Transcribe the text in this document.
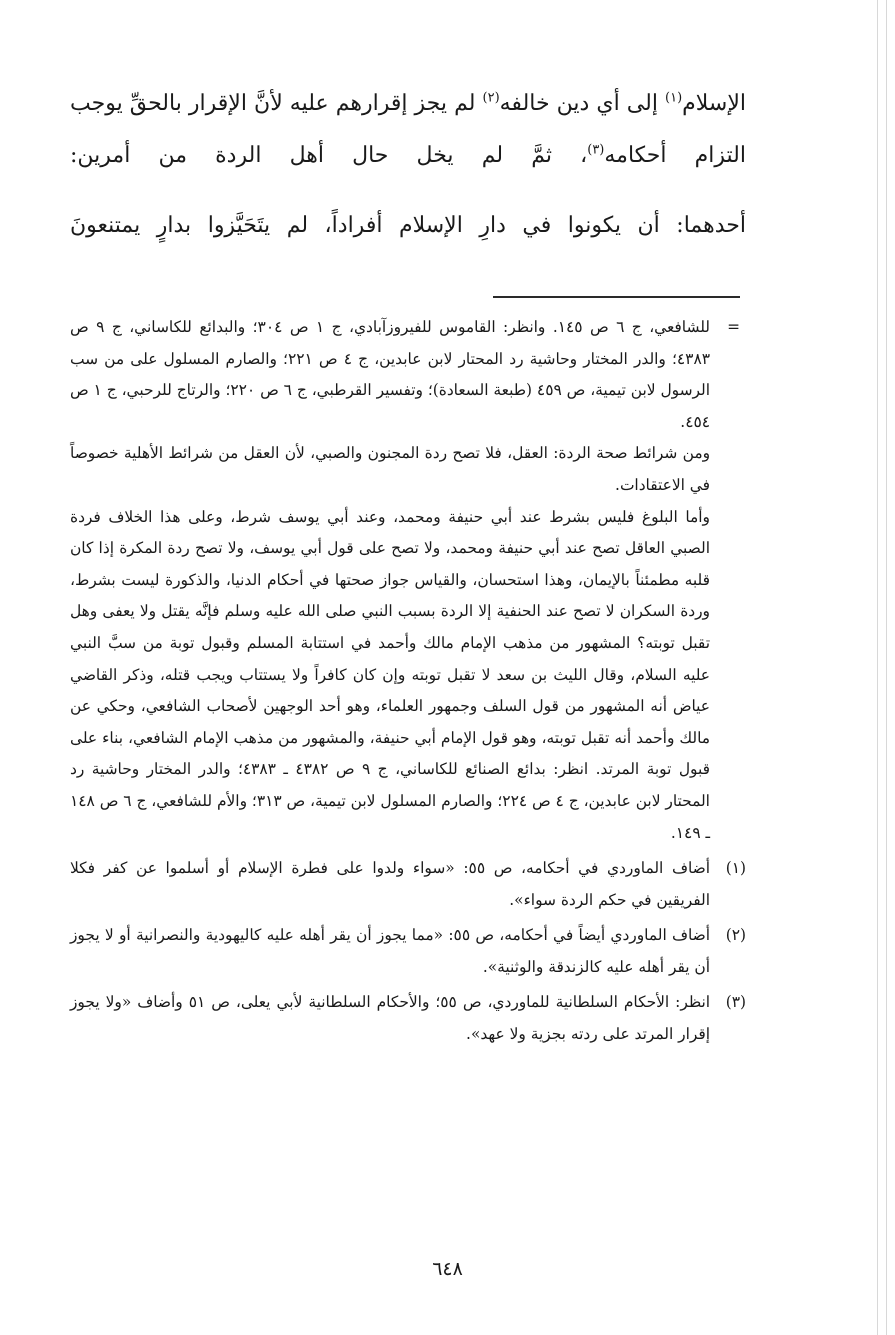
الإسلام$^{(١)}$ إلى أي دين خالفه$^{(٢)}$ لم يجز إقرارهم عليه لأنَّ الإقرار بالحقِّ يوجب التزام أحكامه$^{(٣)}$، ثمَّ لم يخل حال أهل الردة من أمرين:

أحدهما: أن يكونوا في دارِ الإسلام أفراداً، لم يتَحَيَّزوا بدارٍ يمتنعونَ

=
للشافعي، ج ٦ ص ١٤٥. وانظر: القاموس للفيروزآبادي، ج ١ ص ٣٠٤؛ والبدائع للكاساني، ج ٩ ص ٤٣٨٣؛ والدر المختار وحاشية رد المحتار لابن عابدين، ج ٤ ص ٢٢١؛ والصارم المسلول على من سب الرسول لابن تيمية، ص ٤٥٩ (طبعة السعادة)؛ وتفسير القرطبي، ج ٦ ص ٢٢٠؛ والرتاج للرحبي، ج ١ ص ٤٥٤.
ومن شرائط صحة الردة: العقل، فلا تصح ردة المجنون والصبي، لأن العقل من شرائط الأهلية خصوصاً في الاعتقادات.
وأما البلوغ فليس بشرط عند أبي حنيفة ومحمد، وعند أبي يوسف شرط، وعلى هذا الخلاف فردة الصبي العاقل تصح عند أبي حنيفة ومحمد، ولا تصح على قول أبي يوسف، ولا تصح ردة المكرة إذا كان قلبه مطمئناً بالإيمان، وهذا استحسان، والقياس جواز صحتها في أحكام الدنيا، والذكورة ليست بشرط، وردة السكران لا تصح عند الحنفية إلا الردة بسبب النبي صلى الله عليه وسلم فإنَّه يقتل ولا يعفى وهل تقبل توبته؟ المشهور من مذهب الإمام مالك وأحمد في استتابة المسلم وقبول توبة من سبَّ النبي عليه السلام، وقال الليث بن سعد لا تقبل توبته وإن كان كافراً ولا يستتاب ويجب قتله، وذكر القاضي عياض أنه المشهور من قول السلف وجمهور العلماء، وهو أحد الوجهين لأصحاب الشافعي، وحكي عن مالك وأحمد أنه تقبل توبته، وهو قول الإمام أبي حنيفة، والمشهور من مذهب الإمام الشافعي، بناء على قبول توبة المرتد. انظر: بدائع الصنائع للكاساني، ج ٩ ص ٤٣٨٢ ـ ٤٣٨٣؛ والدر المختار وحاشية رد المحتار لابن عابدين، ج ٤ ص ٢٢٤؛ والصارم المسلول لابن تيمية، ص ٣١٣؛ والأم للشافعي، ج ٦ ص ١٤٨ ـ ١٤٩.
(١)
أضاف الماوردي في أحكامه، ص ٥٥: «سواء ولدوا على فطرة الإسلام أو أسلموا عن كفر فكلا الفريقين في حكم الردة سواء».
(٢)
أضاف الماوردي أيضاً في أحكامه، ص ٥٥: «مما يجوز أن يقر أهله عليه كاليهودية والنصرانية أو لا يجوز أن يقر أهله عليه كالزندقة والوثنية».
(٣)
انظر: الأحكام السلطانية للماوردي، ص ٥٥؛ والأحكام السلطانية لأبي يعلى، ص ٥١ وأضاف «ولا يجوز إقرار المرتد على ردته بجزية ولا عهد».
٦٤٨
